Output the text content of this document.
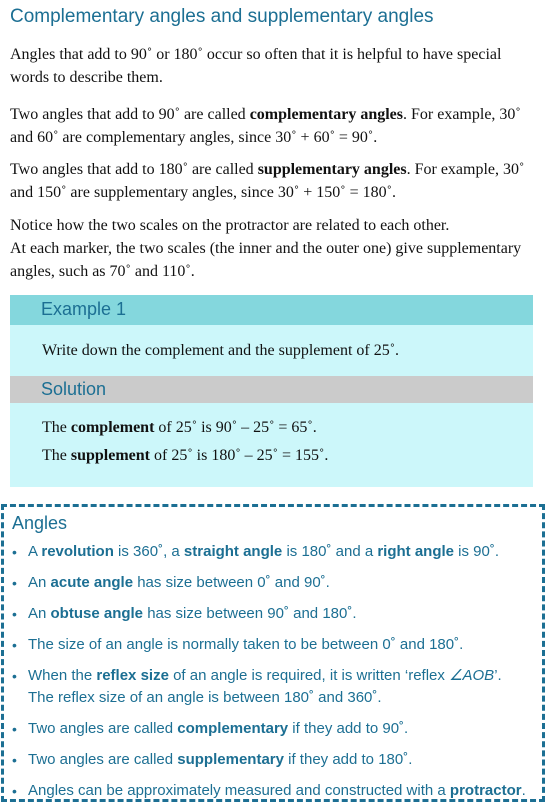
Complementary angles and supplementary angles

Angles that add to 90˚ or 180˚ occur so often that it is helpful to have special words to describe them.

Two angles that add to 90˚ are called complementary angles. For example, 30˚ and 60˚ are complementary angles, since 30˚ + 60˚ = 90˚.

Two angles that add to 180˚ are called supplementary angles. For example, 30˚ and 150˚ are supplementary angles, since 30˚ + 150˚ = 180˚.

Notice how the two scales on the protractor are related to each other.
At each marker, the two scales (the inner and the outer one) give supplementary angles, such as 70˚ and 110˚.

Example 1
Write down the complement and the supplement of 25˚.
Solution
The complement of 25˚ is 90˚ – 25˚ = 65˚.
The supplement of 25˚ is 180˚ – 25˚ = 155˚.
Angles
• A revolution is 360˚, a straight angle is 180˚ and a right angle is 90˚.
• An acute angle has size between 0˚ and 90˚.
• An obtuse angle has size between 90˚ and 180˚.
• The size of an angle is normally taken to be between 0˚ and 180˚.
• When the reflex size of an angle is required, it is written ‘reflex ∠AOB’.
The reflex size of an angle is between 180˚ and 360˚.
• Two angles are called complementary if they add to 90˚.
• Two angles are called supplementary if they add to 180˚.
• Angles can be approximately measured and constructed with a protractor.
